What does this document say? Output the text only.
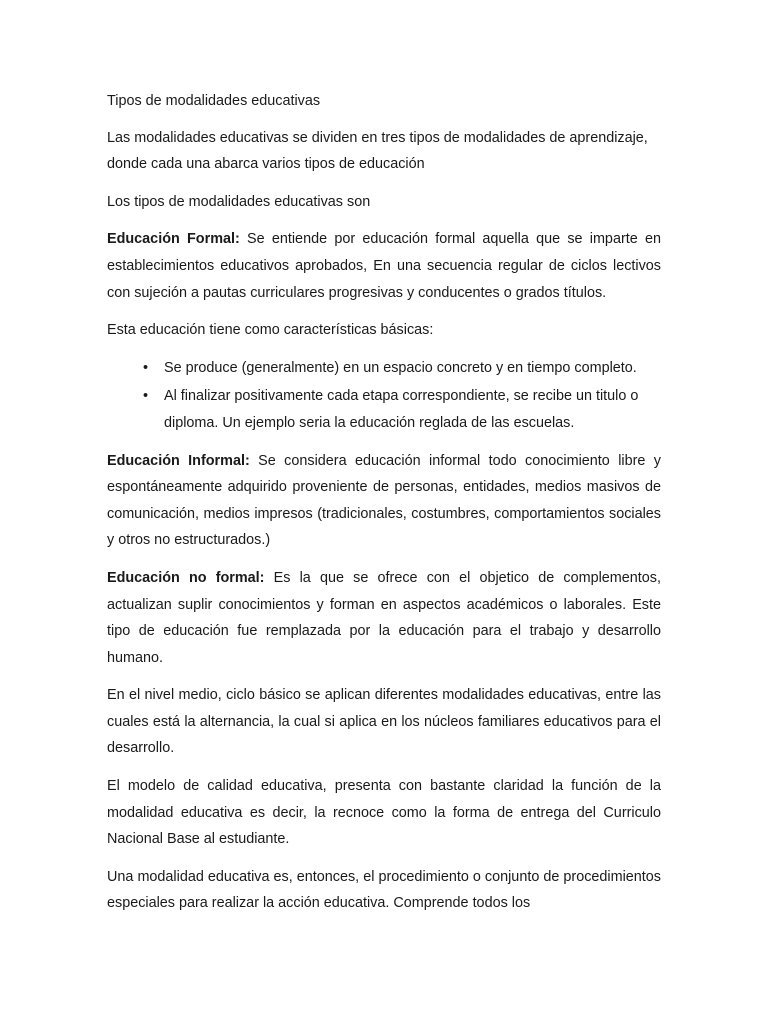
Tipos de modalidades educativas

Las modalidades educativas se dividen en tres tipos de modalidades de aprendizaje, donde cada una abarca varios tipos de educación

Los tipos de modalidades educativas son

Educación Formal: Se entiende por educación formal aquella que se imparte en establecimientos educativos aprobados, En una secuencia regular de ciclos lectivos con sujeción a pautas curriculares progresivas y conducentes o grados títulos.

Esta educación tiene como características básicas:

• Se produce (generalmente) en un espacio concreto y en tiempo completo.
• Al finalizar positivamente cada etapa correspondiente, se recibe un titulo o diploma. Un ejemplo seria la educación reglada de las escuelas.

Educación Informal: Se considera educación informal todo conocimiento libre y espontáneamente adquirido proveniente de personas, entidades, medios masivos de comunicación, medios impresos (tradicionales, costumbres, comportamientos sociales y otros no estructurados.)

Educación no formal: Es la que se ofrece con el objetico de complementos, actualizan suplir conocimientos y forman en aspectos académicos o laborales. Este tipo de educación fue remplazada por la educación para el trabajo y desarrollo humano.

En el nivel medio, ciclo básico se aplican diferentes modalidades educativas, entre las cuales está la alternancia, la cual si aplica en los núcleos familiares educativos para el desarrollo.

El modelo de calidad educativa, presenta con bastante claridad la función de la modalidad educativa es decir, la recnoce como la forma de entrega del Curriculo Nacional Base al estudiante.

Una modalidad educativa es, entonces, el procedimiento o conjunto de procedimientos especiales para realizar la acción educativa. Comprende todos los
